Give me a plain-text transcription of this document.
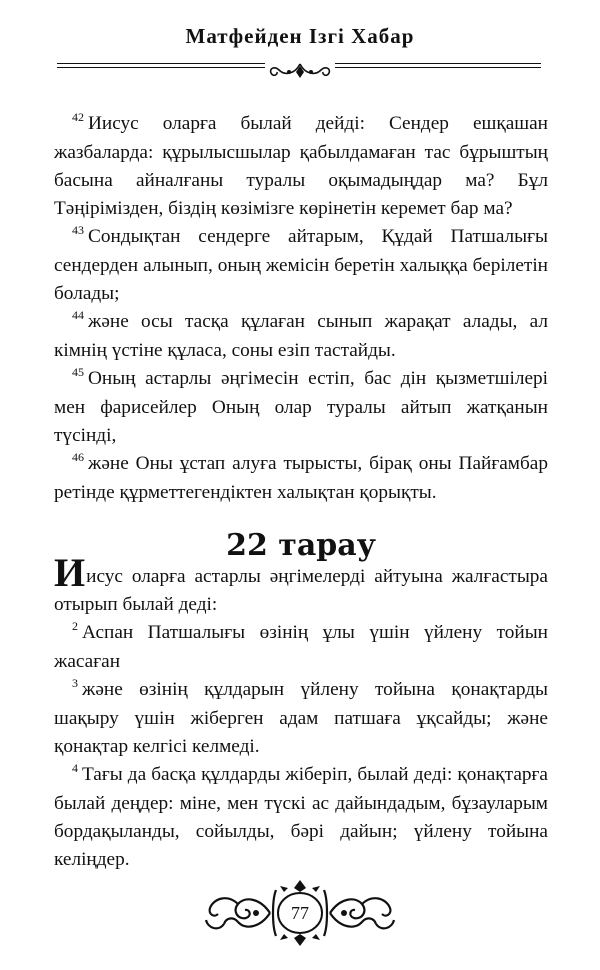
Матфейден Ізгі Хабар

$^{42}$ Иисус оларға былай дейді: Сендер ешқашан жазбаларда: құрылысшылар қабылдамаған тас бұрыштың басына айналғаны туралы оқымадыңдар ма? Бұл Тәңірімізден, біздің көзімізге көрінетін керемет бар ма?

$^{43}$ Сондықтан сендерге айтарым, Құдай Патшалығы сендерден алынып, оның жемісін беретін халыққа берілетін болады;

$^{44}$ және осы тасқа құлаған сынып жарақат алады, ал кімнің үстіне құласа, соны езіп тастайды.

$^{45}$ Оның астарлы әңгімесін естіп, бас дін қызметшілері мен фарисейлер Оның олар туралы айтып жатқанын түсінді,

$^{46}$ және Оны ұстап алуға тырысты, бірақ оны Пайғамбар ретінде құрметтегендіктен халықтан қорықты.

22 тарау

Иисус оларға астарлы әңгімелерді айтуына жалғастыра отырып былай деді:

$^2$ Аспан Патшалығы өзінің ұлы үшін үйлену тойын жасаған

$^3$ және өзінің құлдарын үйлену тойына қонақтарды шақыру үшін жіберген адам патшаға ұқсайды; және қонақтар келгісі келмеді.

$^4$ Тағы да басқа құлдарды жіберіп, былай деді: қонақтарға былай деңдер: міне, мен түскі ас дайындадым, бұзауларым бордақыланды, сойылды, бәрі дайын; үйлену тойына келіңдер.

77
